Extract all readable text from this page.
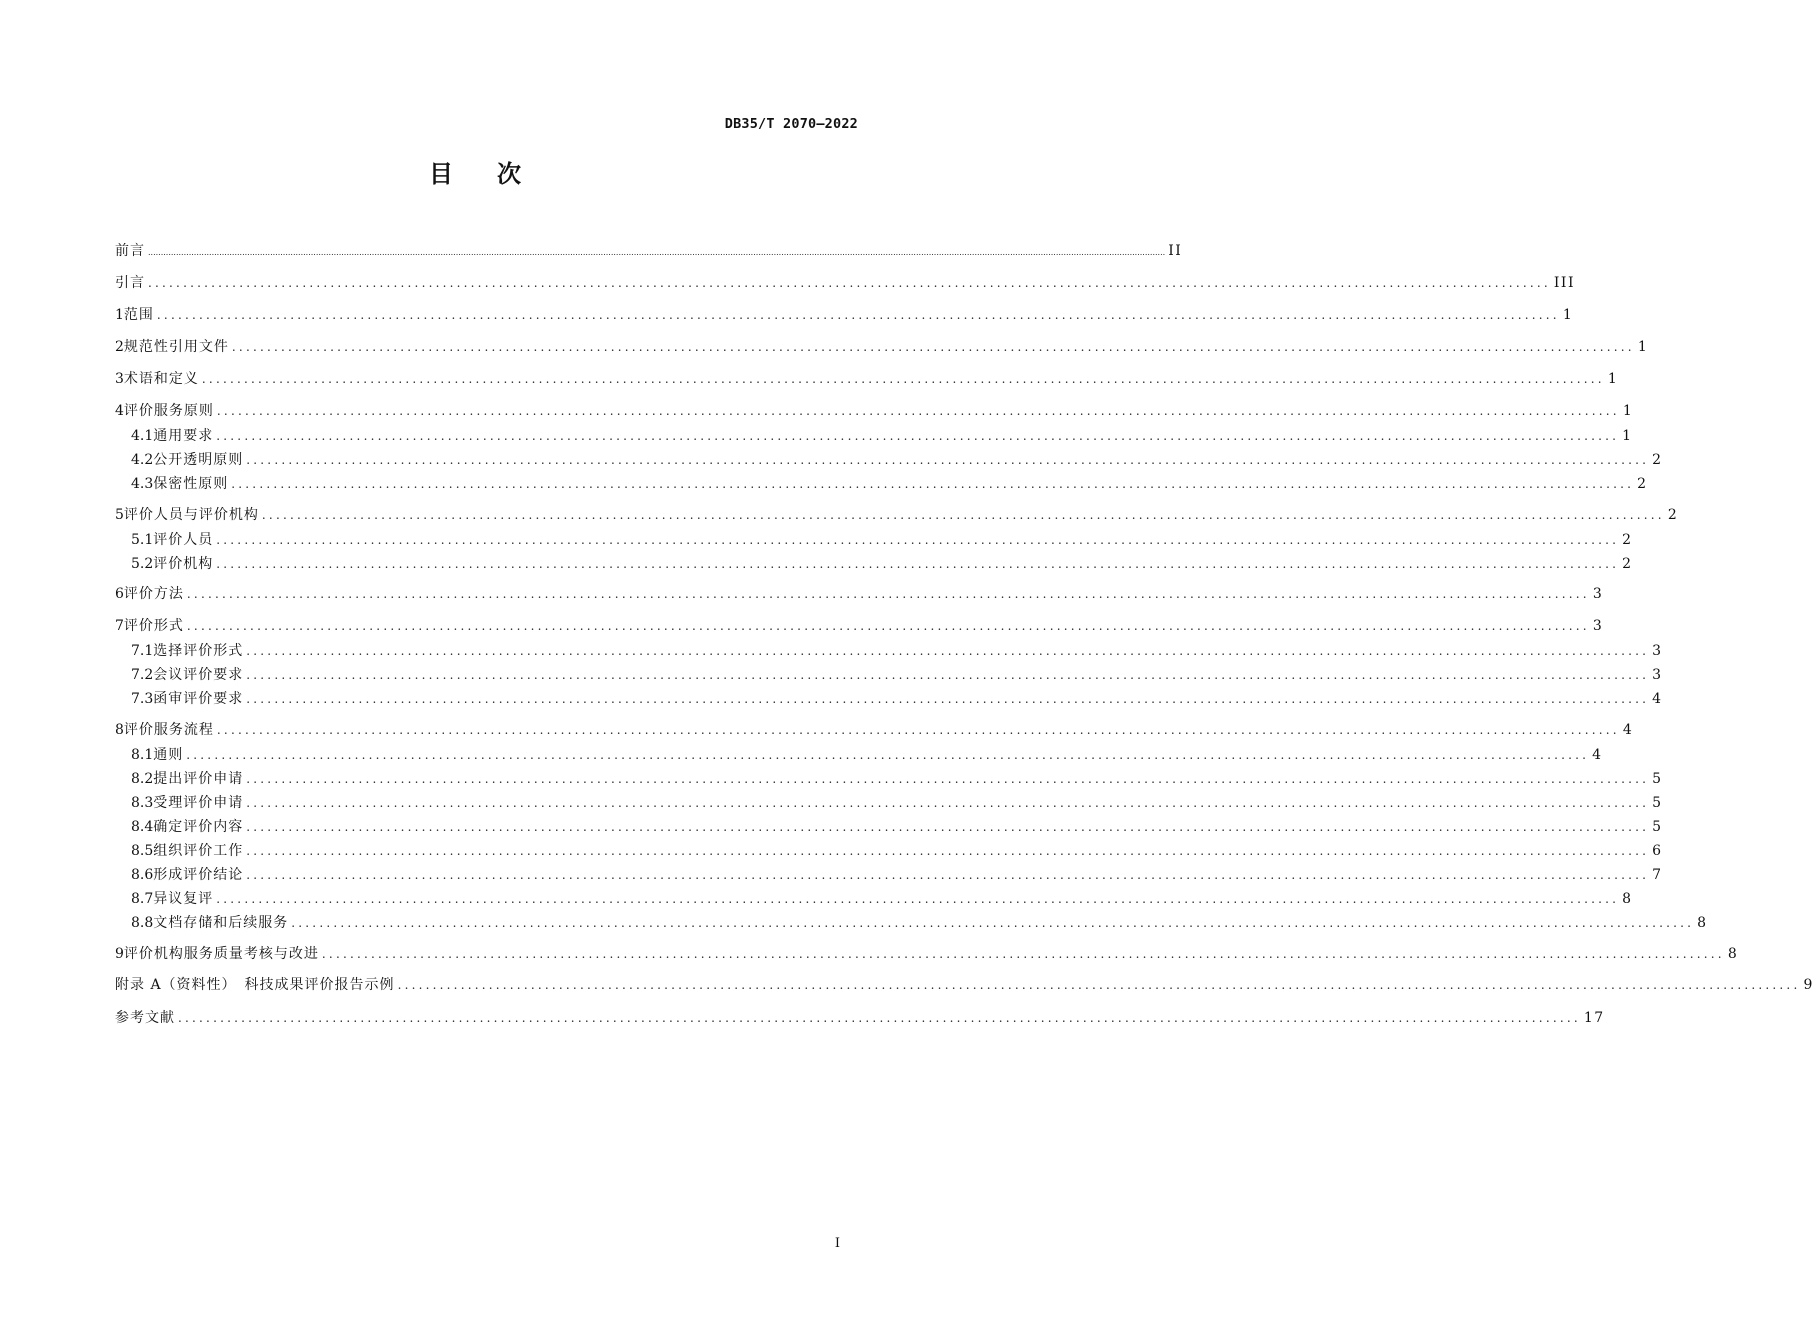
DB35/T 2070—2022
目 次
前言 ................................................................................................................................................................................................................................................................................................................................................................................................................ II
引言 ........................................................................................................................................................................................................ III
1 范围 ........................................................................................................................................................................................................ 1
2 规范性引用文件 ........................................................................................................................................................................................................ 1
3 术语和定义 ........................................................................................................................................................................................................ 1
4 评价服务原则 ........................................................................................................................................................................................................ 1
4.1 通用要求 ........................................................................................................................................................................................................ 1
4.2 公开透明原则 ........................................................................................................................................................................................................ 2
4.3 保密性原则 ........................................................................................................................................................................................................ 2
5 评价人员与评价机构 ........................................................................................................................................................................................................ 2
5.1 评价人员 ........................................................................................................................................................................................................ 2
5.2 评价机构 ........................................................................................................................................................................................................ 2
6 评价方法 ........................................................................................................................................................................................................ 3
7 评价形式 ........................................................................................................................................................................................................ 3
7.1 选择评价形式 ........................................................................................................................................................................................................ 3
7.2 会议评价要求 ........................................................................................................................................................................................................ 3
7.3 函审评价要求 ........................................................................................................................................................................................................ 4
8 评价服务流程 ........................................................................................................................................................................................................ 4
8.1 通则 ........................................................................................................................................................................................................ 4
8.2 提出评价申请 ........................................................................................................................................................................................................ 5
8.3 受理评价申请 ........................................................................................................................................................................................................ 5
8.4 确定评价内容 ........................................................................................................................................................................................................ 5
8.5 组织评价工作 ........................................................................................................................................................................................................ 6
8.6 形成评价结论 ........................................................................................................................................................................................................ 7
8.7 异议复评 ........................................................................................................................................................................................................ 8
8.8 文档存储和后续服务 ........................................................................................................................................................................................................ 8
9 评价机构服务质量考核与改进 ........................................................................................................................................................................................................ 8
附录 A（资料性）　科技成果评价报告示例 ........................................................................................................................................................................................................ 9
参考文献 ........................................................................................................................................................................................................ 17
I
